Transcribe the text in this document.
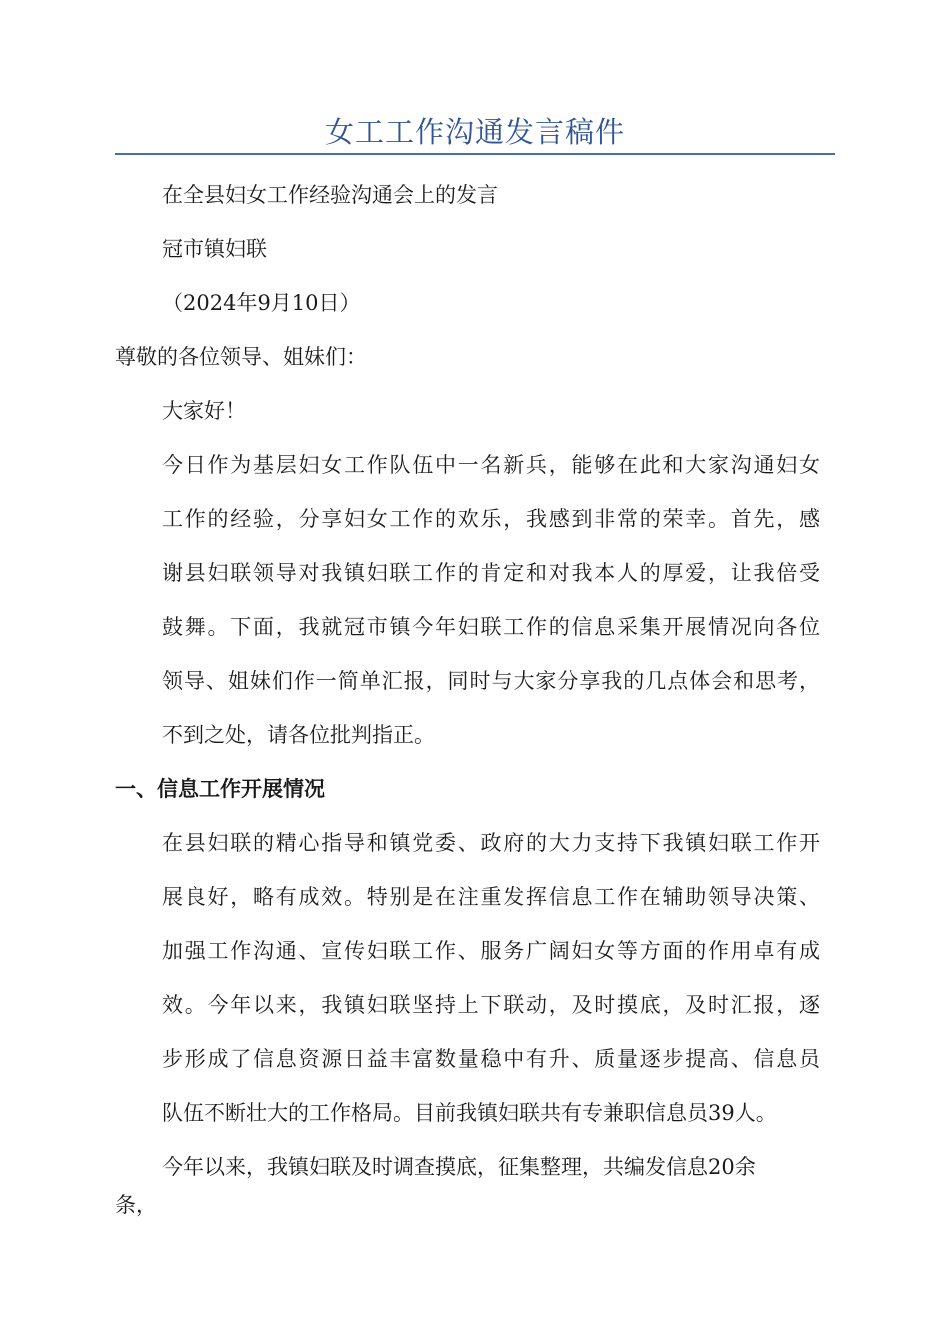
女工工作沟通发言稿件
在全县妇女工作经验沟通会上的发言
冠市镇妇联
（2024年9月10日）
尊敬的各位领导、姐妹们：
大家好！
今日作为基层妇女工作队伍中一名新兵，能够在此和大家沟通妇女
工作的经验，分享妇女工作的欢乐，我感到非常的荣幸。首先，感
谢县妇联领导对我镇妇联工作的肯定和对我本人的厚爱，让我倍受
鼓舞。下面，我就冠市镇今年妇联工作的信息采集开展情况向各位
领导、姐妹们作一简单汇报，同时与大家分享我的几点体会和思考，
不到之处，请各位批判指正。
一、信息工作开展情况
在县妇联的精心指导和镇党委、政府的大力支持下我镇妇联工作开
展良好，略有成效。特别是在注重发挥信息工作在辅助领导决策、
加强工作沟通、宣传妇联工作、服务广阔妇女等方面的作用卓有成
效。今年以来，我镇妇联坚持上下联动，及时摸底，及时汇报，逐
步形成了信息资源日益丰富数量稳中有升、质量逐步提高、信息员
队伍不断壮大的工作格局。目前我镇妇联共有专兼职信息员39人。
今年以来，我镇妇联及时调查摸底，征集整理，共编发信息20余
条，
